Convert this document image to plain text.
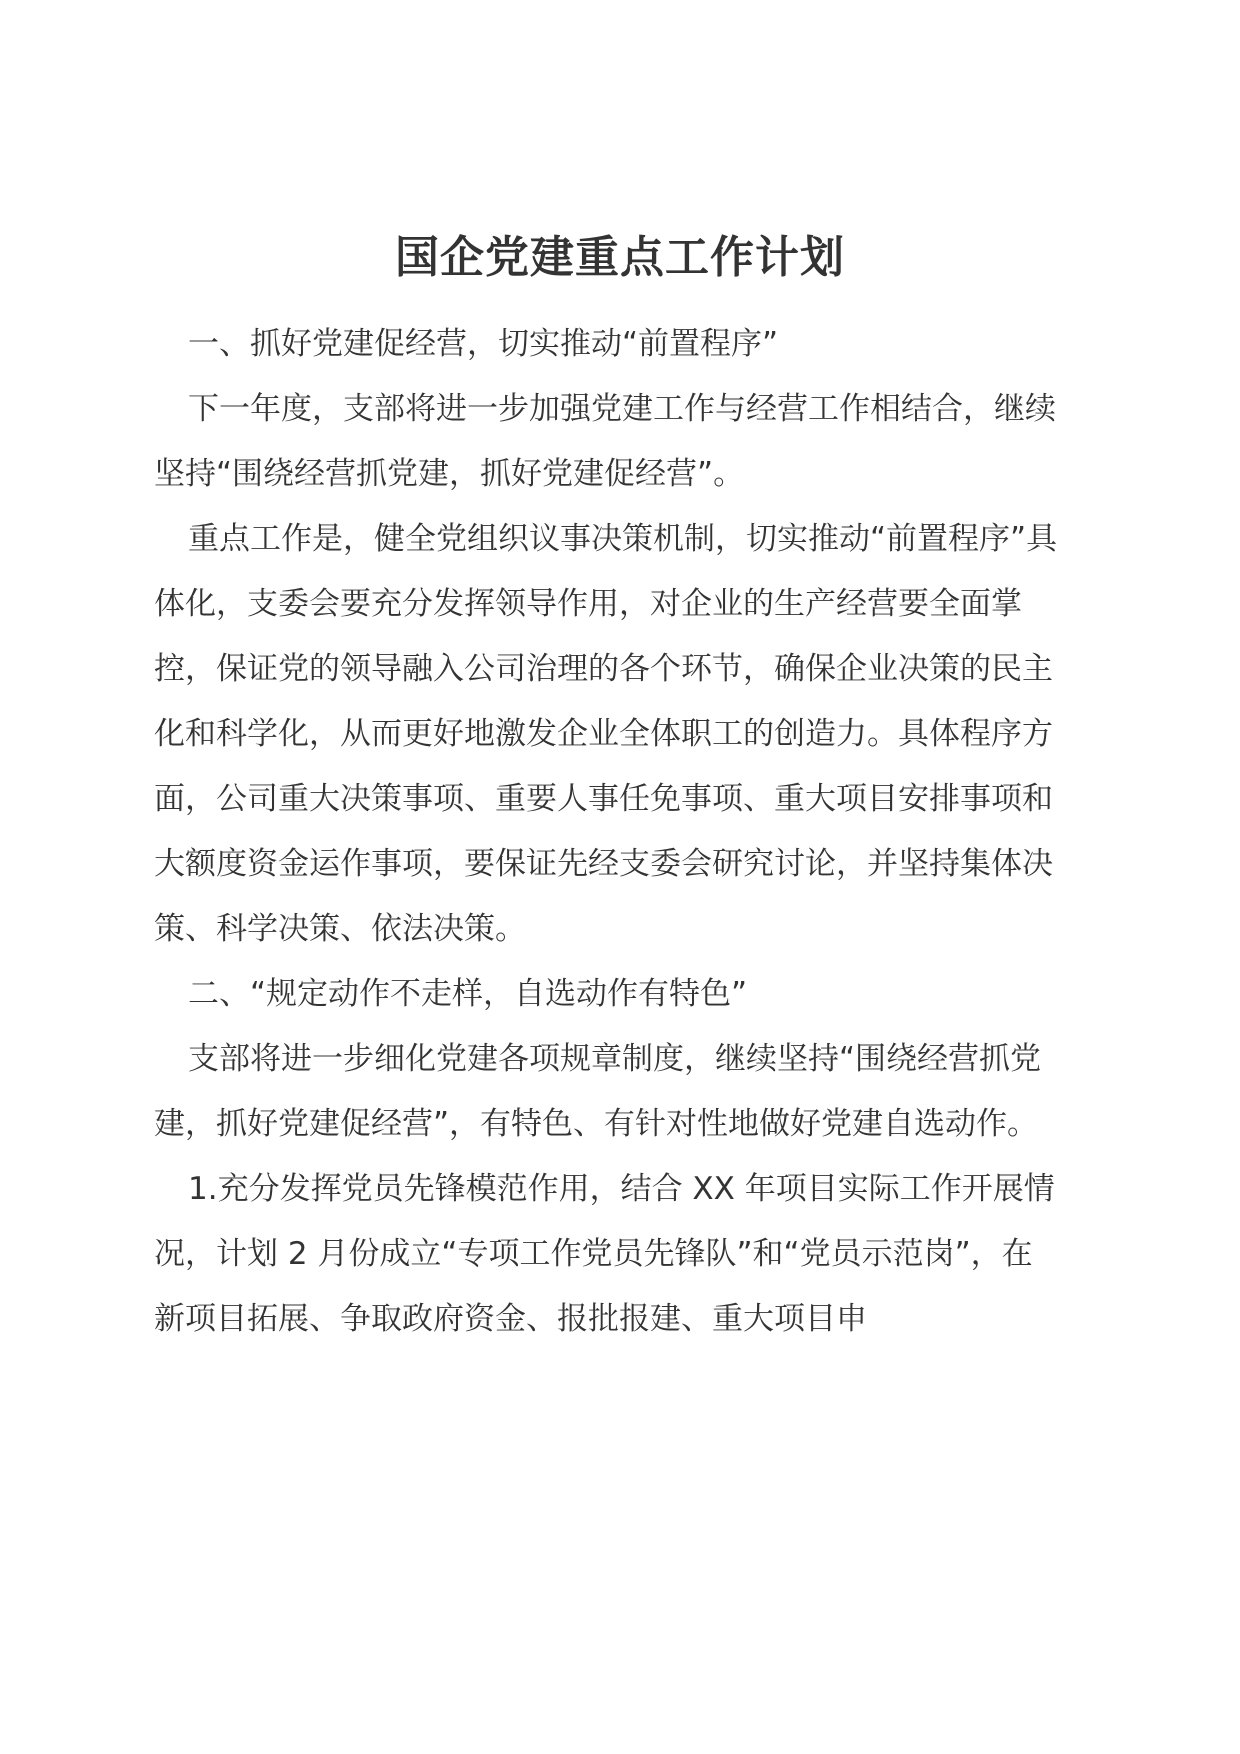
国企党建重点工作计划

一、抓好党建促经营，切实推动“前置程序”

下一年度，支部将进一步加强党建工作与经营工作相结合，继续坚持“围绕经营抓党建，抓好党建促经营”。

重点工作是，健全党组织议事决策机制，切实推动“前置程序”具体化，支委会要充分发挥领导作用，对企业的生产经营要全面掌控，保证党的领导融入公司治理的各个环节，确保企业决策的民主化和科学化，从而更好地激发企业全体职工的创造力。具体程序方面，公司重大决策事项、重要人事任免事项、重大项目安排事项和大额度资金运作事项，要保证先经支委会研究讨论，并坚持集体决策、科学决策、依法决策。

二、“规定动作不走样，自选动作有特色”

支部将进一步细化党建各项规章制度，继续坚持“围绕经营抓党建，抓好党建促经营”，有特色、有针对性地做好党建自选动作。

1.充分发挥党员先锋模范作用，结合 XX 年项目实际工作开展情况，计划 2 月份成立“专项工作党员先锋队”和“党员示范岗”，在新项目拓展、争取政府资金、报批报建、重大项目申
